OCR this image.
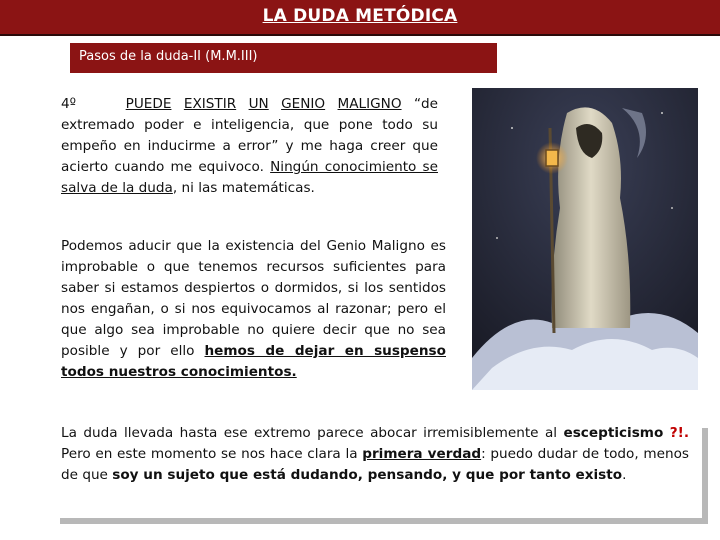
LA DUDA METÓDICA
Pasos de la duda-II (M.M.III)

4º	PUEDE EXISTIR UN GENIO MALIGNO “de extremado poder e inteligencia, que pone todo su empeño en inducirme a error” y me haga creer que acierto cuando me equivoco. Ningún conocimiento se salva de la duda, ni las matemáticas.

Podemos aducir que la existencia del Genio Maligno es improbable o que tenemos recursos suficientes para saber si estamos despiertos o dormidos, si los sentidos nos engañan, o si nos equivocamos al razonar; pero el que algo sea improbable no quiere decir que no sea posible y por ello hemos de dejar en suspenso todos nuestros conocimientos.

La duda llevada hasta ese extremo parece abocar irremisiblemente al escepticismo ?!. Pero en este momento se nos hace clara la primera verdad: puedo dudar de todo, menos de que soy un sujeto que está dudando, pensando, y que por tanto existo.
